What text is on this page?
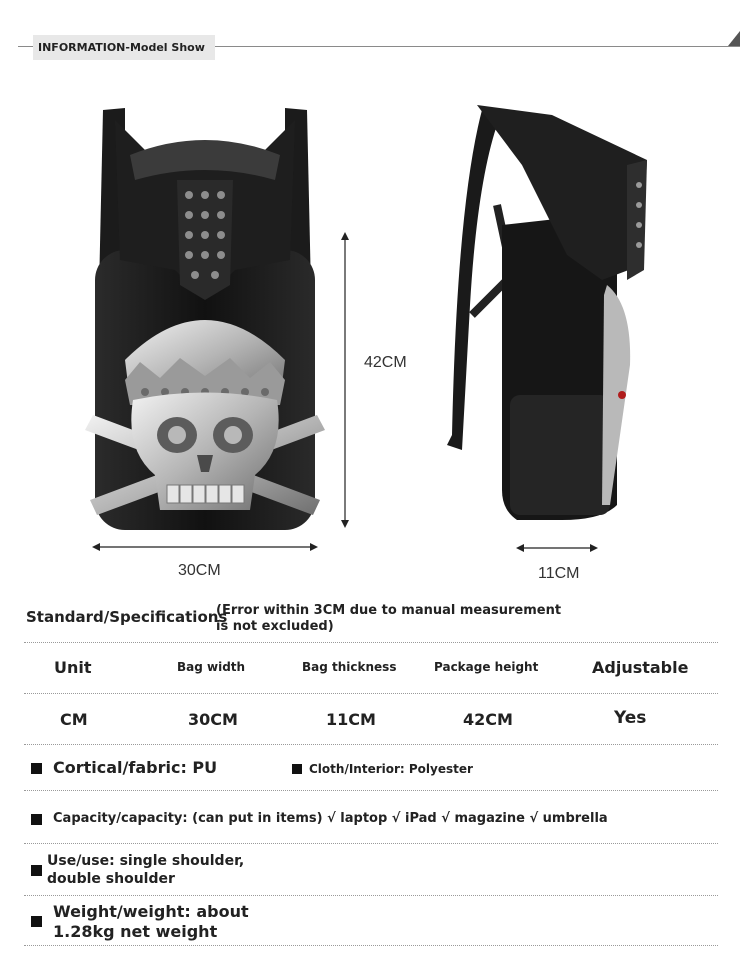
INFORMATION-Model Show
42CM
30CM	11CM
Standard/Specifications
(Error within 3CM due to manual measurement is not excluded)
Unit	Bag width	Bag thickness	Package height	Adjustable
CM	30CM	11CM	42CM	Yes
Cortical/fabric: PU	Cloth/Interior: Polyester
Capacity/capacity: (can put in items) √ laptop √ iPad √ magazine √ umbrella
Use/use: single shoulder,
double shoulder
Weight/weight: about
1.28kg net weight
